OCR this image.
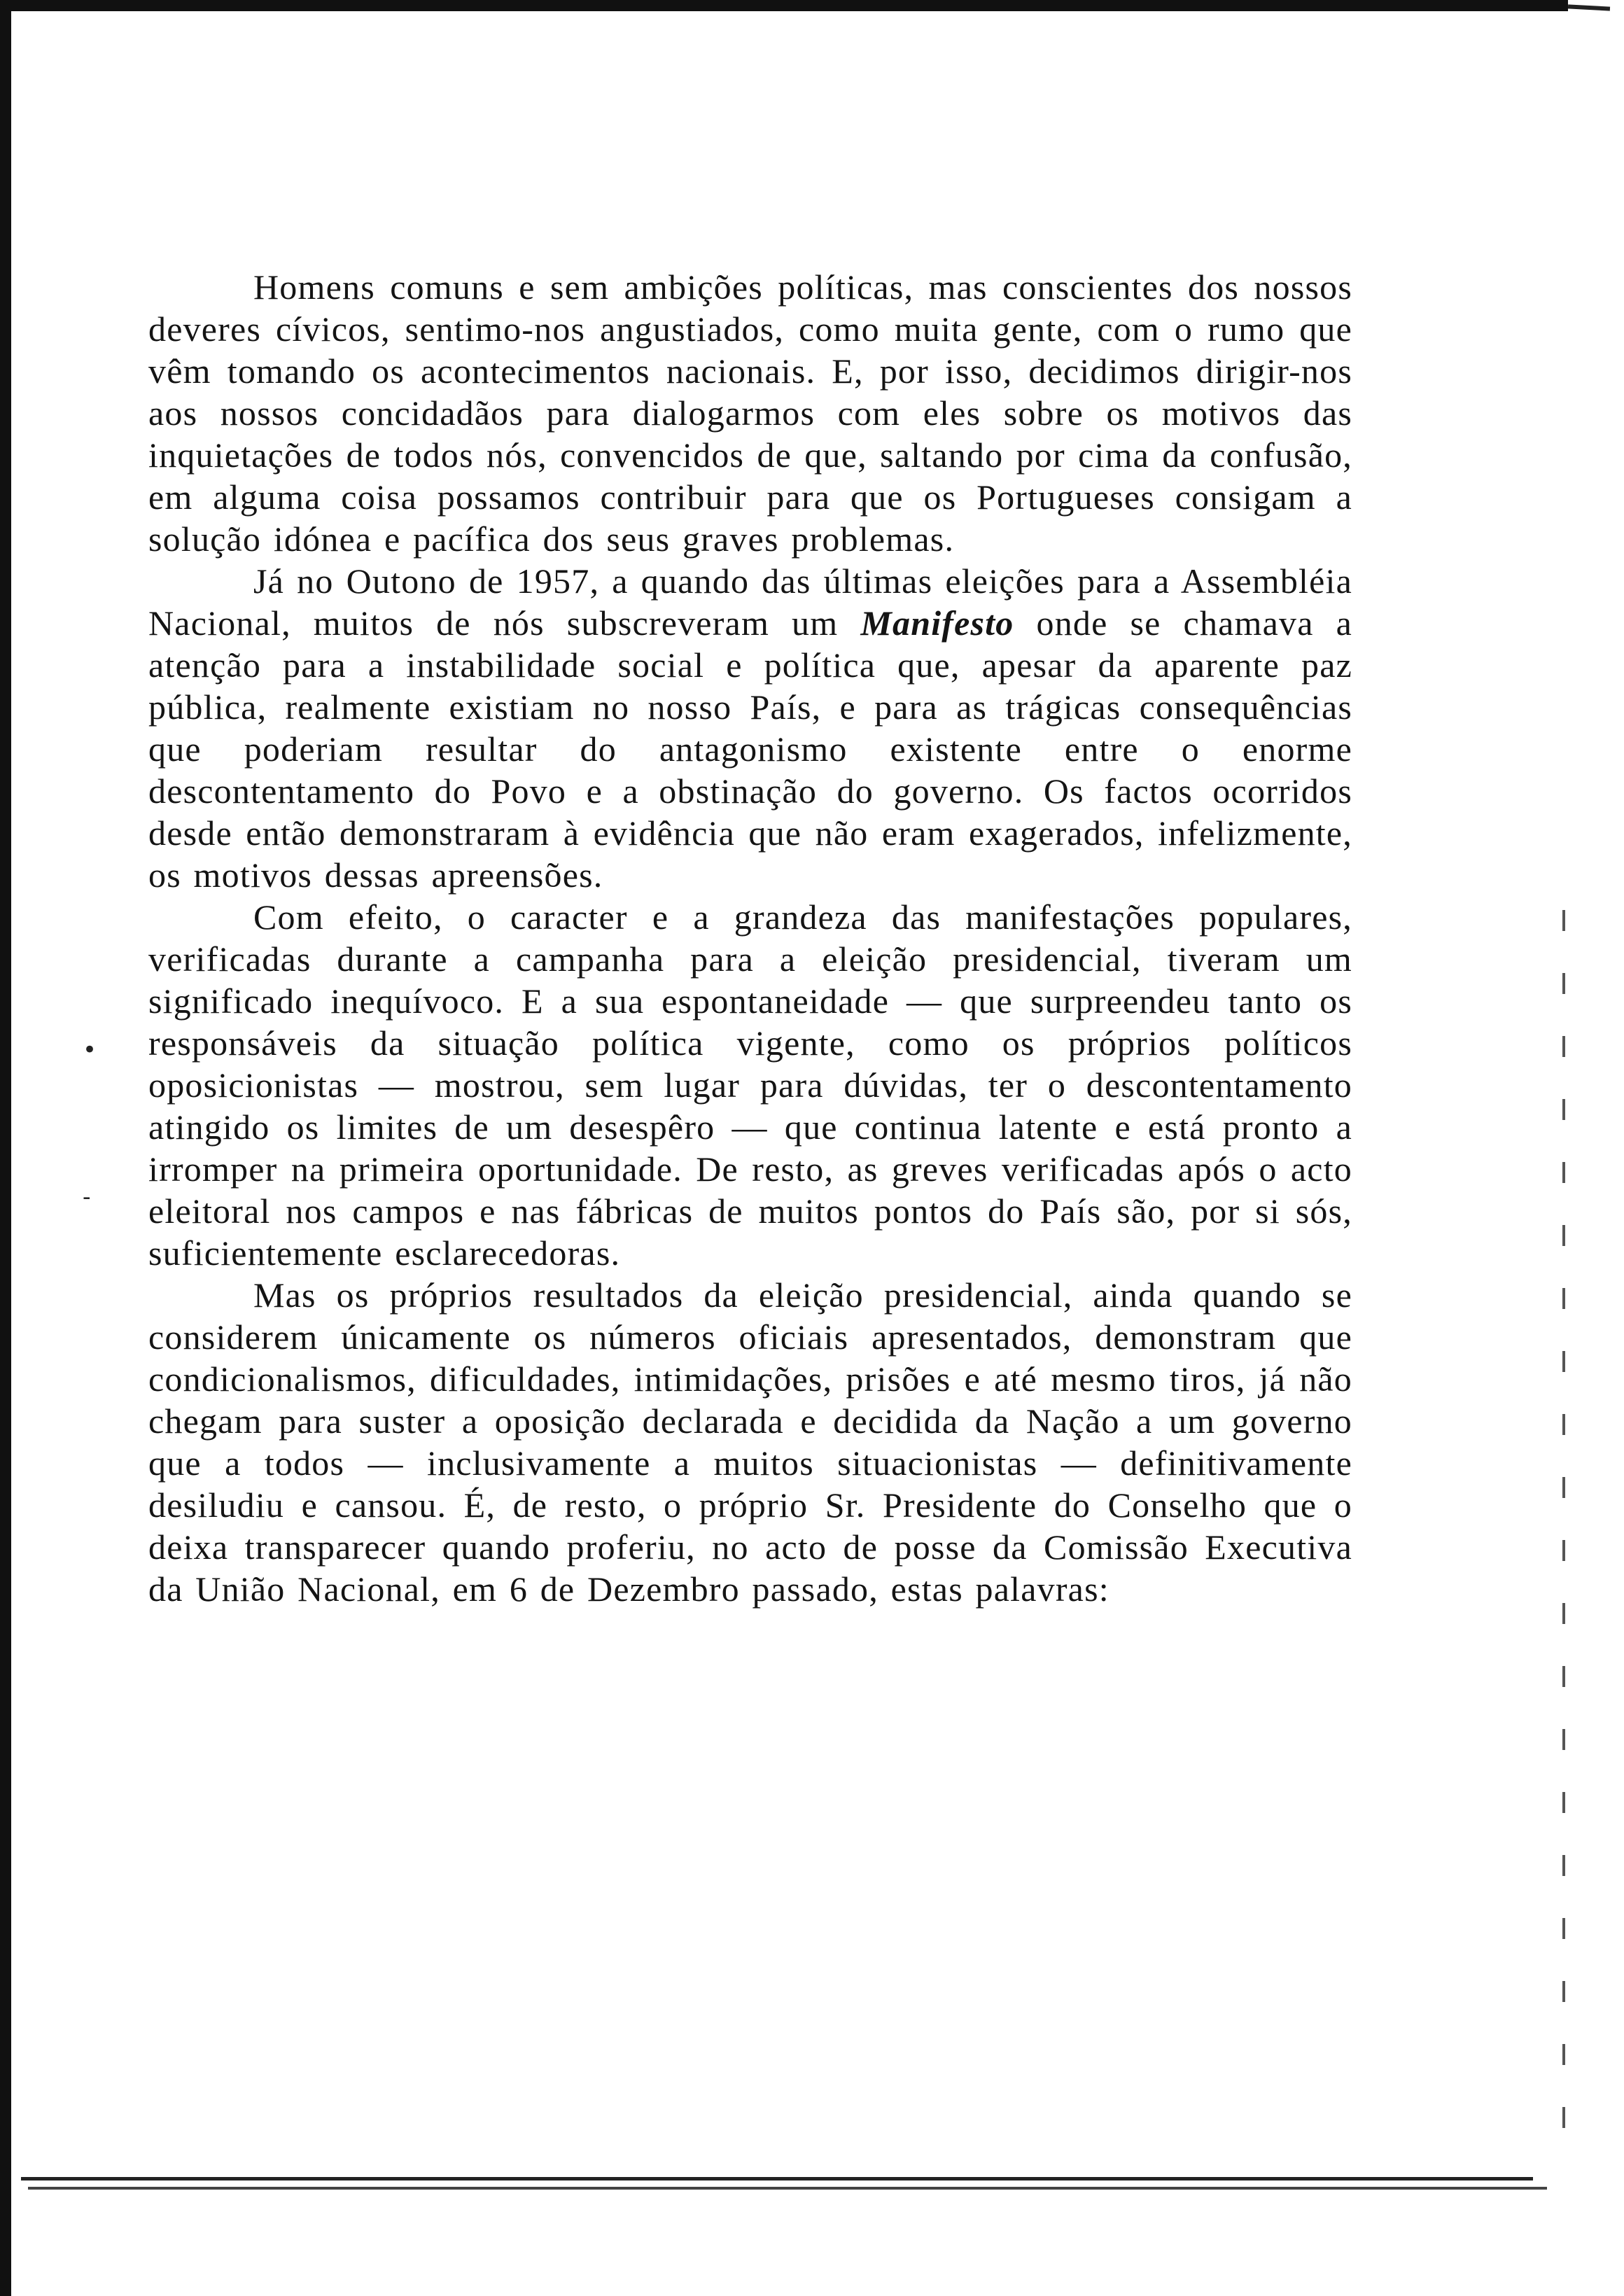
•
-

Homens comuns e sem ambições políticas, mas conscientes dos nossos deveres cívicos, sentimo-nos angustiados, como muita gente, com o rumo que vêm tomando os acontecimentos nacionais. E, por isso, decidimos dirigir-nos aos nossos concidadãos para dialogarmos com eles sobre os motivos das inquietações de todos nós, convencidos de que, saltando por cima da confusão, em alguma coisa possamos contribuir para que os Portugueses consigam a solução idónea e pacífica dos seus graves problemas.

Já no Outono de 1957, a quando das últimas eleições para a Assembléia Nacional, muitos de nós subscreveram um Manifesto onde se chamava a atenção para a instabilidade social e política que, apesar da aparente paz pública, realmente existiam no nosso País, e para as trágicas consequências que poderiam resultar do antagonismo existente entre o enorme descontentamento do Povo e a obstinação do governo. Os factos ocorridos desde então demonstraram à evidência que não eram exagerados, infelizmente, os motivos dessas apreensões.

Com efeito, o caracter e a grandeza das manifestações populares, verificadas durante a campanha para a eleição presidencial, tiveram um significado inequívoco. E a sua espontaneidade — que surpreendeu tanto os responsáveis da situação política vigente, como os próprios políticos oposicionistas — mostrou, sem lugar para dúvidas, ter o descontentamento atingido os limites de um desespêro — que continua latente e está pronto a irromper na primeira oportunidade. De resto, as greves verificadas após o acto eleitoral nos campos e nas fábricas de muitos pontos do País são, por si sós, suficientemente esclarecedoras.

Mas os próprios resultados da eleição presidencial, ainda quando se considerem únicamente os números oficiais apresentados, demonstram que condicionalismos, dificuldades, intimidações, prisões e até mesmo tiros, já não chegam para suster a oposição declarada e decidida da Nação a um governo que a todos — inclusivamente a muitos situacionistas — definitivamente desiludiu e cansou. É, de resto, o próprio Sr. Presidente do Conselho que o deixa transparecer quando proferiu, no acto de posse da Comissão Executiva da União Nacional, em 6 de Dezembro passado, estas palavras:
